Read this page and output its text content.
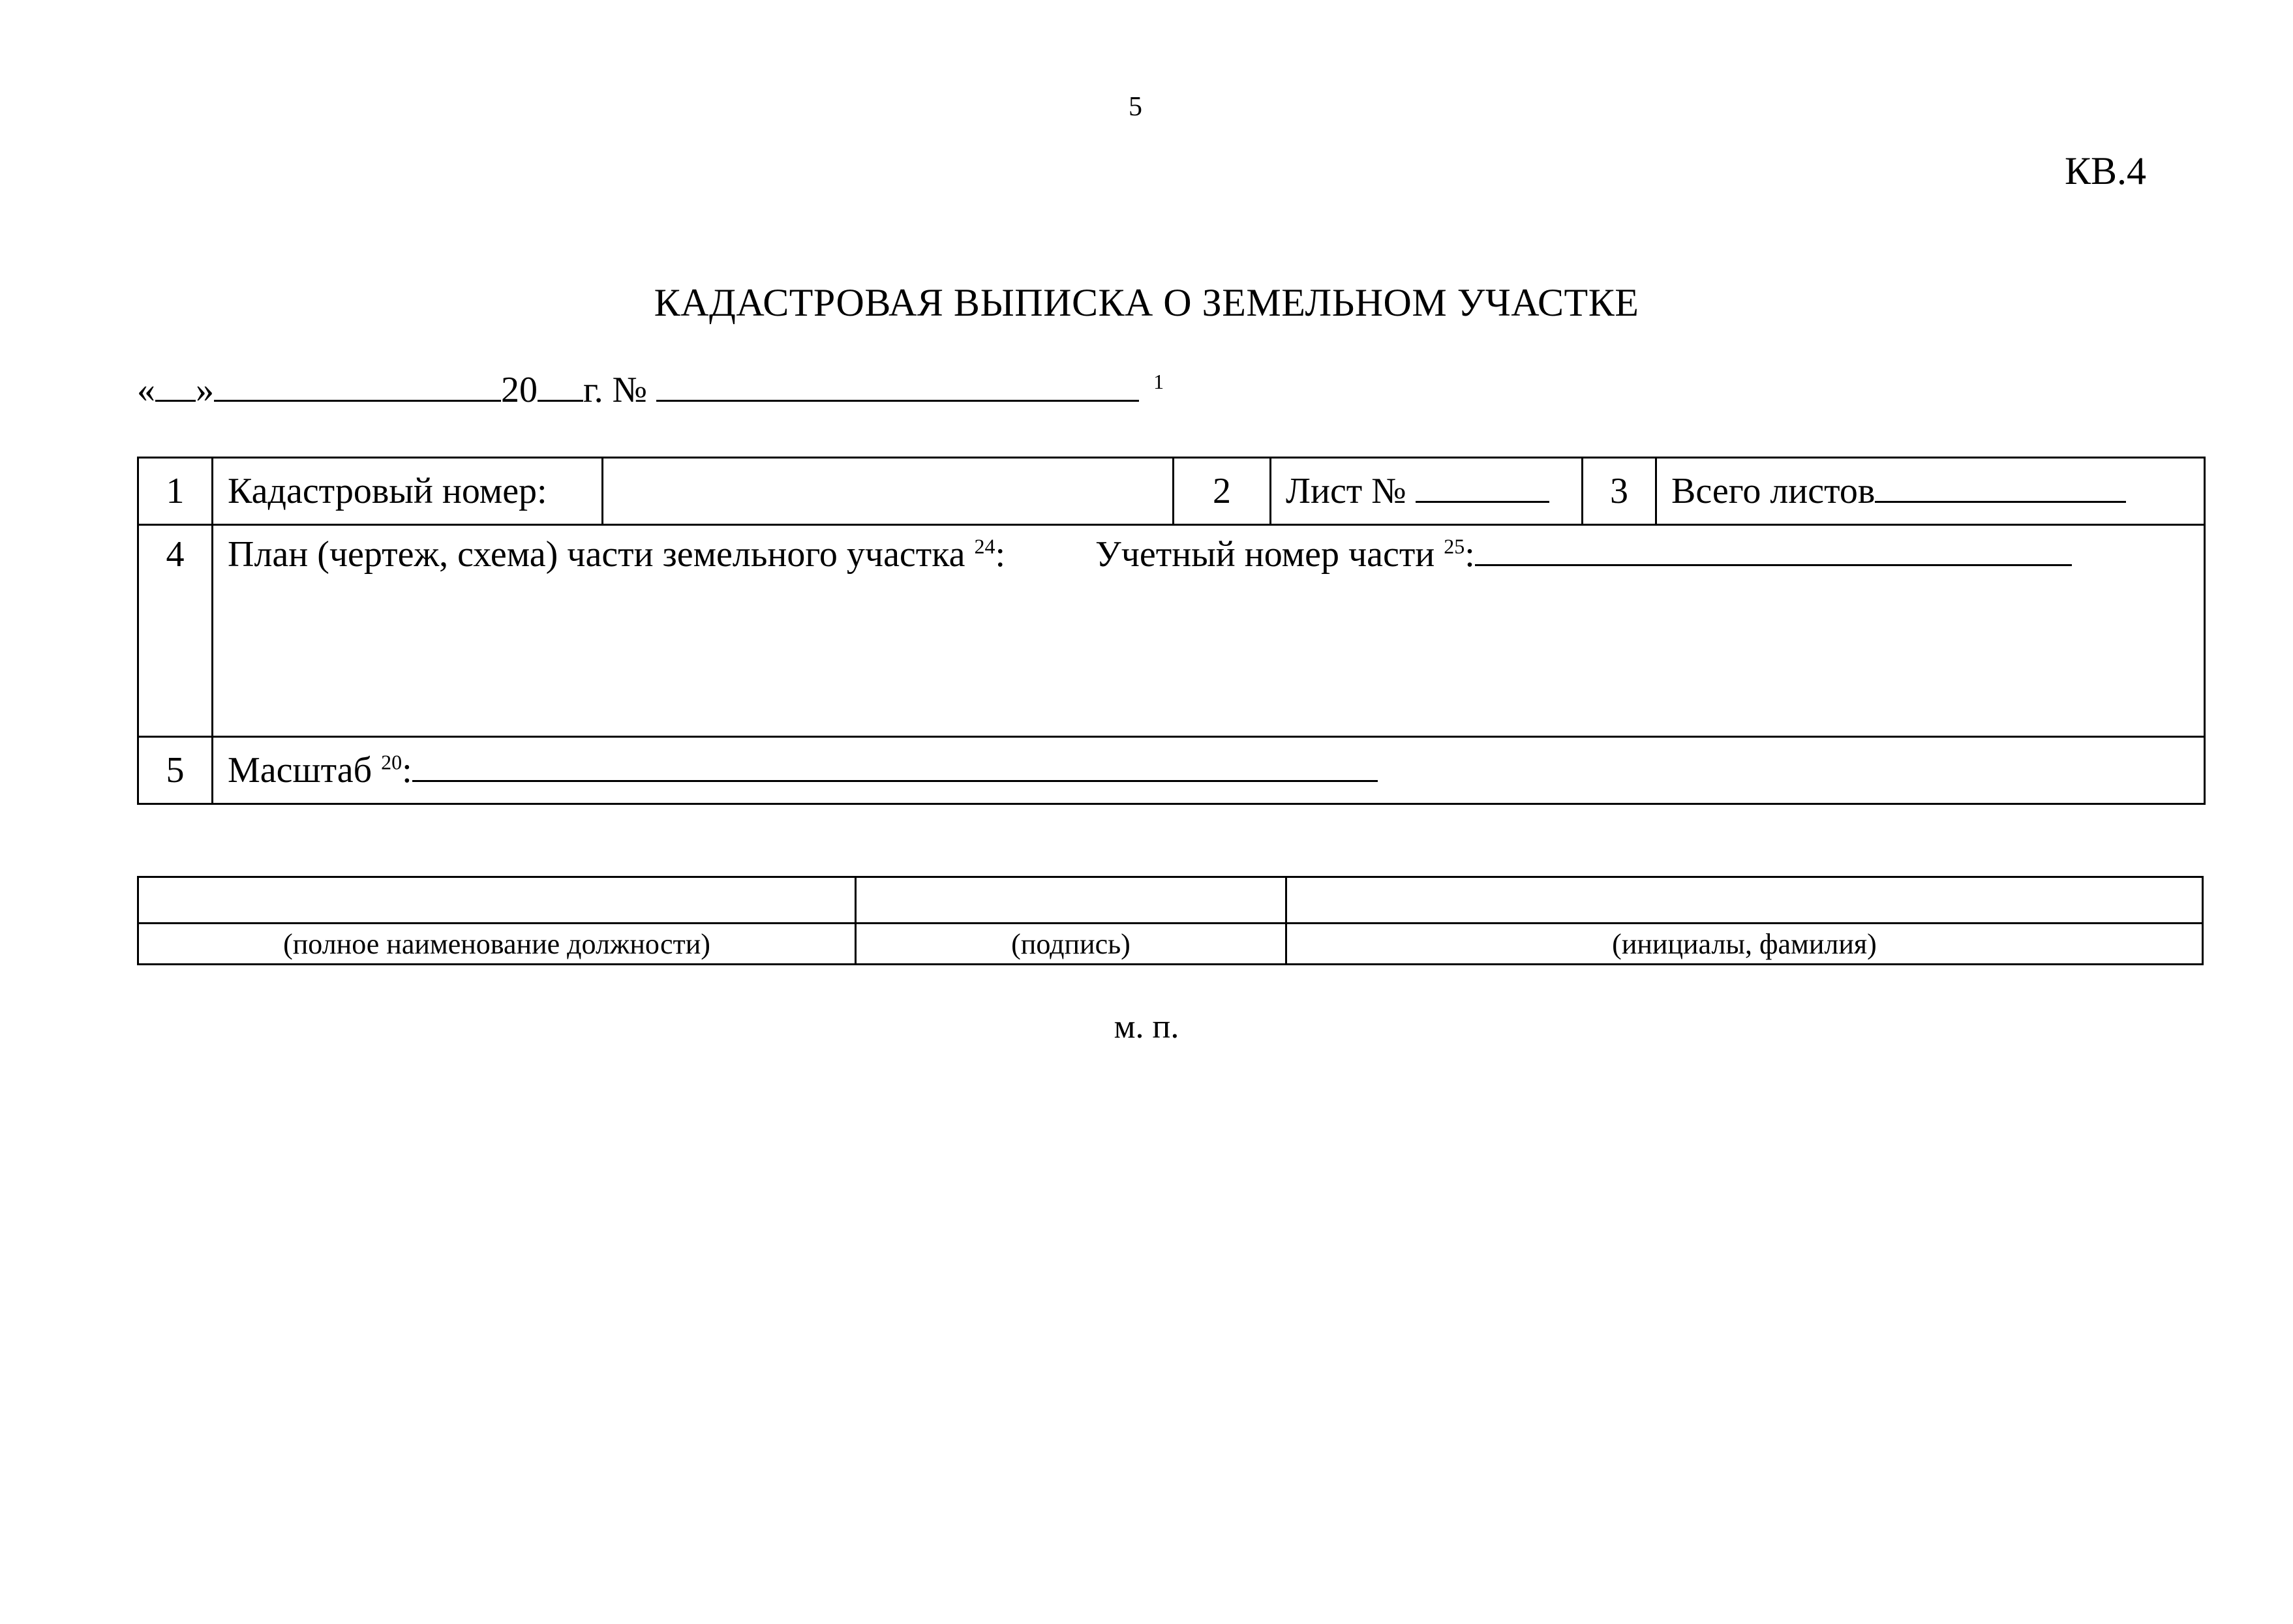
5
КВ.4
КАДАСТРОВАЯ ВЫПИСКА О ЗЕМЕЛЬНОМ УЧАСТКЕ
« »	20 г. №	$^1$
1	Кадастровый номер:		2	Лист №	3	Всего листов
4	План (чертеж, схема) части земельного участка $^{24}$: Учетный номер части $^{25}$:					
5	Масштаб $^{20}$:					

(полное наименование должности)	(подпись)	(инициалы, фамилия)
м. п.
